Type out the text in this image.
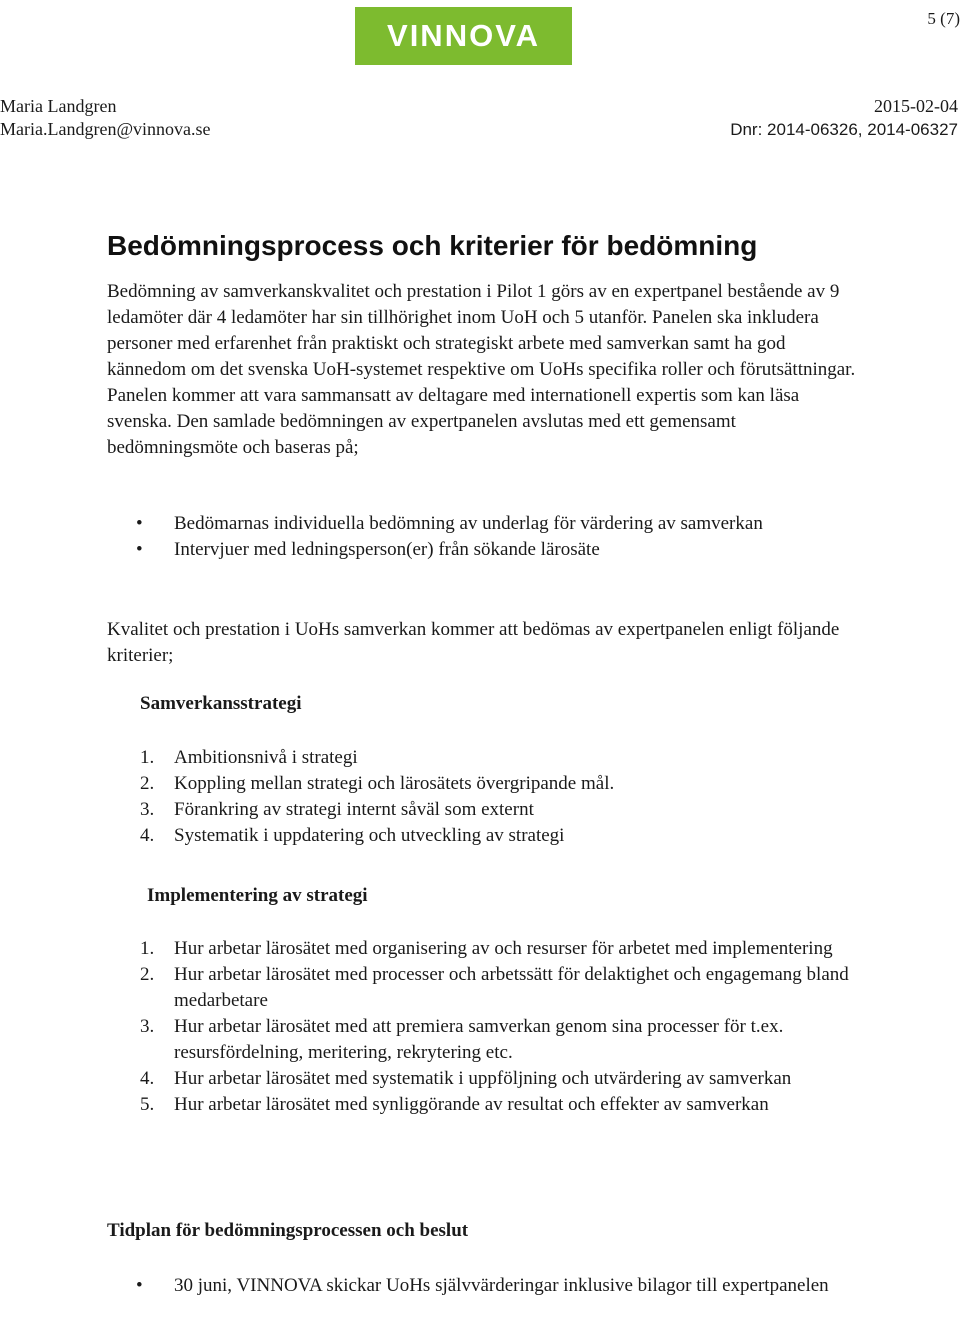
5 (7)
VINNOVA
Maria Landgren
Maria.Landgren@vinnova.se
2015-02-04
Dnr: 2014-06326, 2014-06327
Bedömningsprocess och kriterier för bedömning
Bedömning av samverkanskvalitet och prestation i Pilot 1 görs av en expertpanel bestående av 9 ledamöter där 4 ledamöter har sin tillhörighet inom UoH och 5 utanför. Panelen ska inkludera personer med erfarenhet från praktiskt och strategiskt arbete med samverkan samt ha god kännedom om det svenska UoH-systemet respektive om UoHs specifika roller och förutsättningar. Panelen kommer att vara sammansatt av deltagare med internationell expertis som kan läsa svenska. Den samlade bedömningen av expertpanelen avslutas med ett gemensamt bedömningsmöte och baseras på;
• Bedömarnas individuella bedömning av underlag för värdering av samverkan
• Intervjuer med ledningsperson(er) från sökande lärosäte
Kvalitet och prestation i UoHs samverkan kommer att bedömas av expertpanelen enligt följande kriterier;
Samverkansstrategi
1. Ambitionsnivå i strategi
2. Koppling mellan strategi och lärosätets övergripande mål.
3. Förankring av strategi internt såväl som externt
4. Systematik i uppdatering och utveckling av strategi
Implementering av strategi
1. Hur arbetar lärosätet med organisering av och resurser för arbetet med implementering
2. Hur arbetar lärosätet med processer och arbetssätt för delaktighet och engagemang bland medarbetare
3. Hur arbetar lärosätet med att premiera samverkan genom sina processer för t.ex. resursfördelning, meritering, rekrytering etc.
4. Hur arbetar lärosätet med systematik i uppföljning och utvärdering av samverkan
5. Hur arbetar lärosätet med synliggörande av resultat och effekter av samverkan
Tidplan för bedömningsprocessen och beslut
• 30 juni, VINNOVA skickar UoHs självvärderingar inklusive bilagor till expertpanelen
